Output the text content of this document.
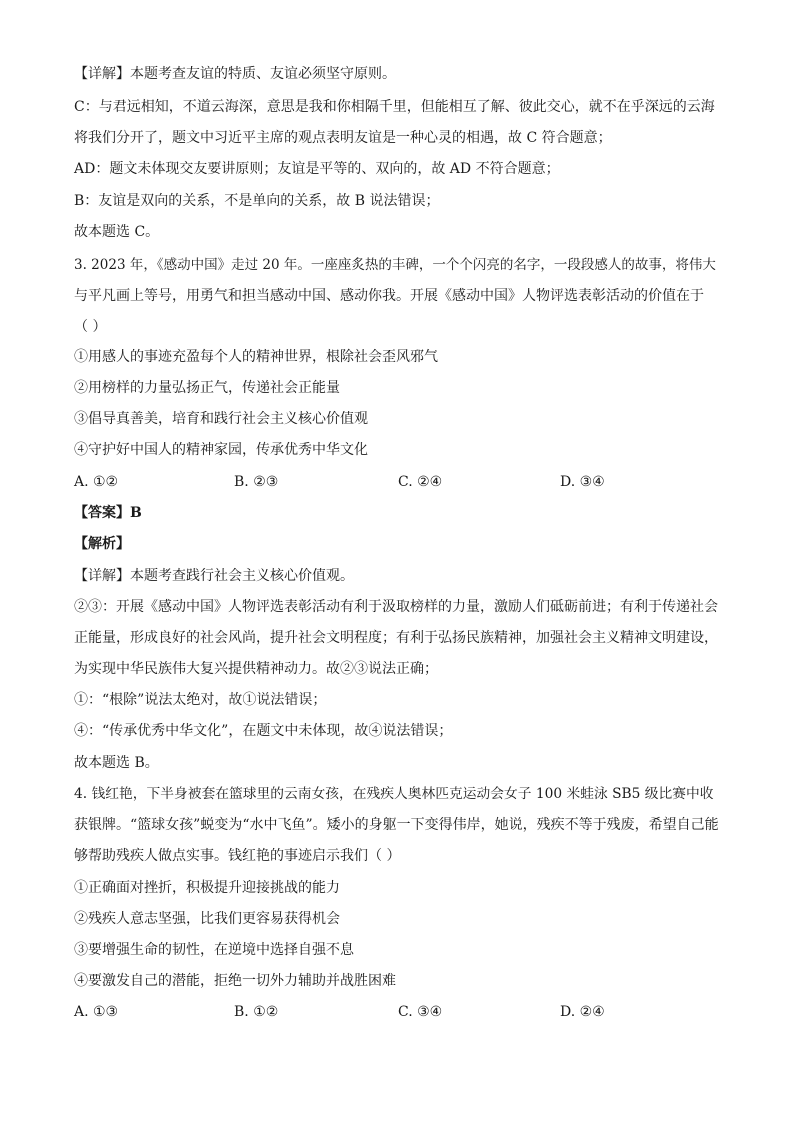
【详解】本题考查友谊的特质、友谊必须坚守原则。
C：与君远相知，不道云海深，意思是我和你相隔千里，但能相互了解、彼此交心，就不在乎深远的云海
将我们分开了，题文中习近平主席的观点表明友谊是一种心灵的相遇，故 C 符合题意；
AD：题文未体现交友要讲原则；友谊是平等的、双向的，故 AD 不符合题意；
B：友谊是双向的关系，不是单向的关系，故 B 说法错误；
故本题选 C。
3. 2023 年，《感动中国》走过 20 年。一座座炙热的丰碑，一个个闪亮的名字，一段段感人的故事，将伟大
与平凡画上等号，用勇气和担当感动中国、感动你我。开展《感动中国》人物评选表彰活动的价值在于
（ ）
①用感人的事迹充盈每个人的精神世界，根除社会歪风邪气
②用榜样的力量弘扬正气，传递社会正能量
③倡导真善美，培育和践行社会主义核心价值观
④守护好中国人的精神家园，传承优秀中华文化
A. ①②	B. ②③	C. ②④	D. ③④
【答案】B
【解析】
【详解】本题考查践行社会主义核心价值观。
②③：开展《感动中国》人物评选表彰活动有利于汲取榜样的力量，激励人们砥砺前进；有利于传递社会
正能量，形成良好的社会风尚，提升社会文明程度；有利于弘扬民族精神，加强社会主义精神文明建设，
为实现中华民族伟大复兴提供精神动力。故②③说法正确；
①：“根除”说法太绝对，故①说法错误；
④：“传承优秀中华文化”，在题文中未体现，故④说法错误；
故本题选 B。
4. 钱红艳，下半身被套在篮球里的云南女孩，在残疾人奥林匹克运动会女子 100 米蛙泳 SB5 级比赛中收
获银牌。“篮球女孩”蜕变为“水中飞鱼”。矮小的身躯一下变得伟岸，她说，残疾不等于残废，希望自己能
够帮助残疾人做点实事。钱红艳的事迹启示我们（ ）
①正确面对挫折，积极提升迎接挑战的能力
②残疾人意志坚强，比我们更容易获得机会
③要增强生命的韧性，在逆境中选择自强不息
④要激发自己的潜能，拒绝一切外力辅助并战胜困难
A. ①③	B. ①②	C. ③④	D. ②④
